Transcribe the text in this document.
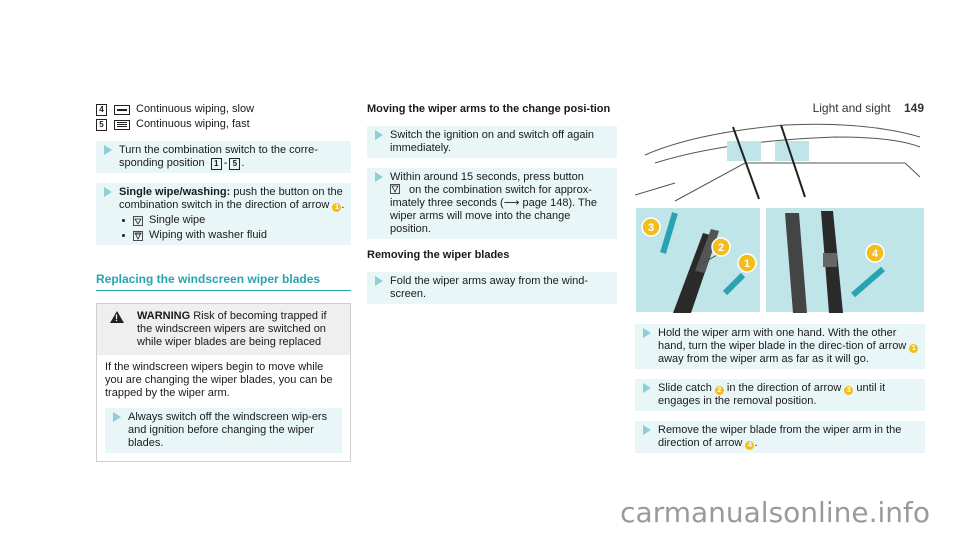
Light and sight 149
4	Continuous wiping, slow
5	Continuous wiping, fast
Turn the combination switch to the corre-sponding position 1 - 5 .
Single wipe/washing: push the button on the combination switch in the direction of arrow 1 .
Single wipe
Wiping with washer fluid
Replacing the windscreen wiper blades
!
WARNING Risk of becoming trapped if the windscreen wipers are switched on while wiper blades are being replaced
If the windscreen wipers begin to move while you are changing the wiper blades, you can be trapped by the wiper arm.
Always switch off the windscreen wip-ers and ignition before changing the wiper blades.
Moving the wiper arms to the change posi-tion
Switch the ignition on and switch off again immediately.
Within around 15 seconds, press button
on the combination switch for approx-imately three seconds (⟶ page 148). The wiper arms will move into the change position.
Removing the wiper blades
Fold the wiper arms away from the wind-screen.
3
2
1
4
Hold the wiper arm with one hand. With the other hand, turn the wiper blade in the direc-tion of arrow 1 away from the wiper arm as far as it will go.
Slide catch 2 in the direction of arrow 3 until it engages in the removal position.
Remove the wiper blade from the wiper arm in the direction of arrow 4 .
carmanualsonline.info
